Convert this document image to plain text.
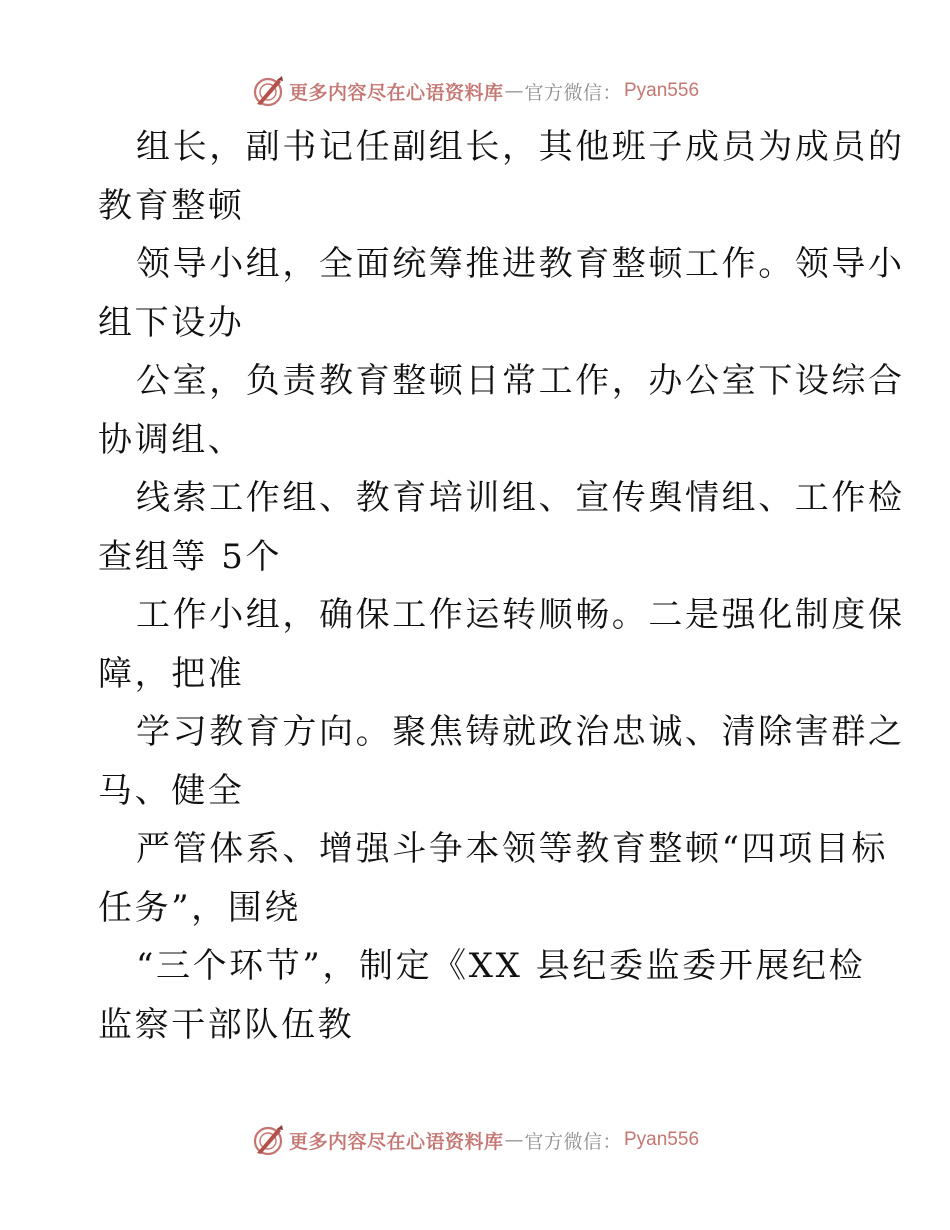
更多内容尽在心语资料库 — 官方微信： Pyan556
组长，副书记任副组长，其他班子成员为成员的
教育整顿
领导小组，全面统筹推进教育整顿工作。领导小
组下设办
公室，负责教育整顿日常工作，办公室下设综合
协调组、
线索工作组、教育培训组、宣传舆情组、工作检
查组等 5个
工作小组，确保工作运转顺畅。二是强化制度保
障，把准
学习教育方向。聚焦铸就政治忠诚、清除害群之
马、健全
严管体系、增强斗争本领等教育整顿“四项目标
任务”，围绕
“三个环节”，制定《XX 县纪委监委开展纪检
监察干部队伍教
更多内容尽在心语资料库 — 官方微信： Pyan556
